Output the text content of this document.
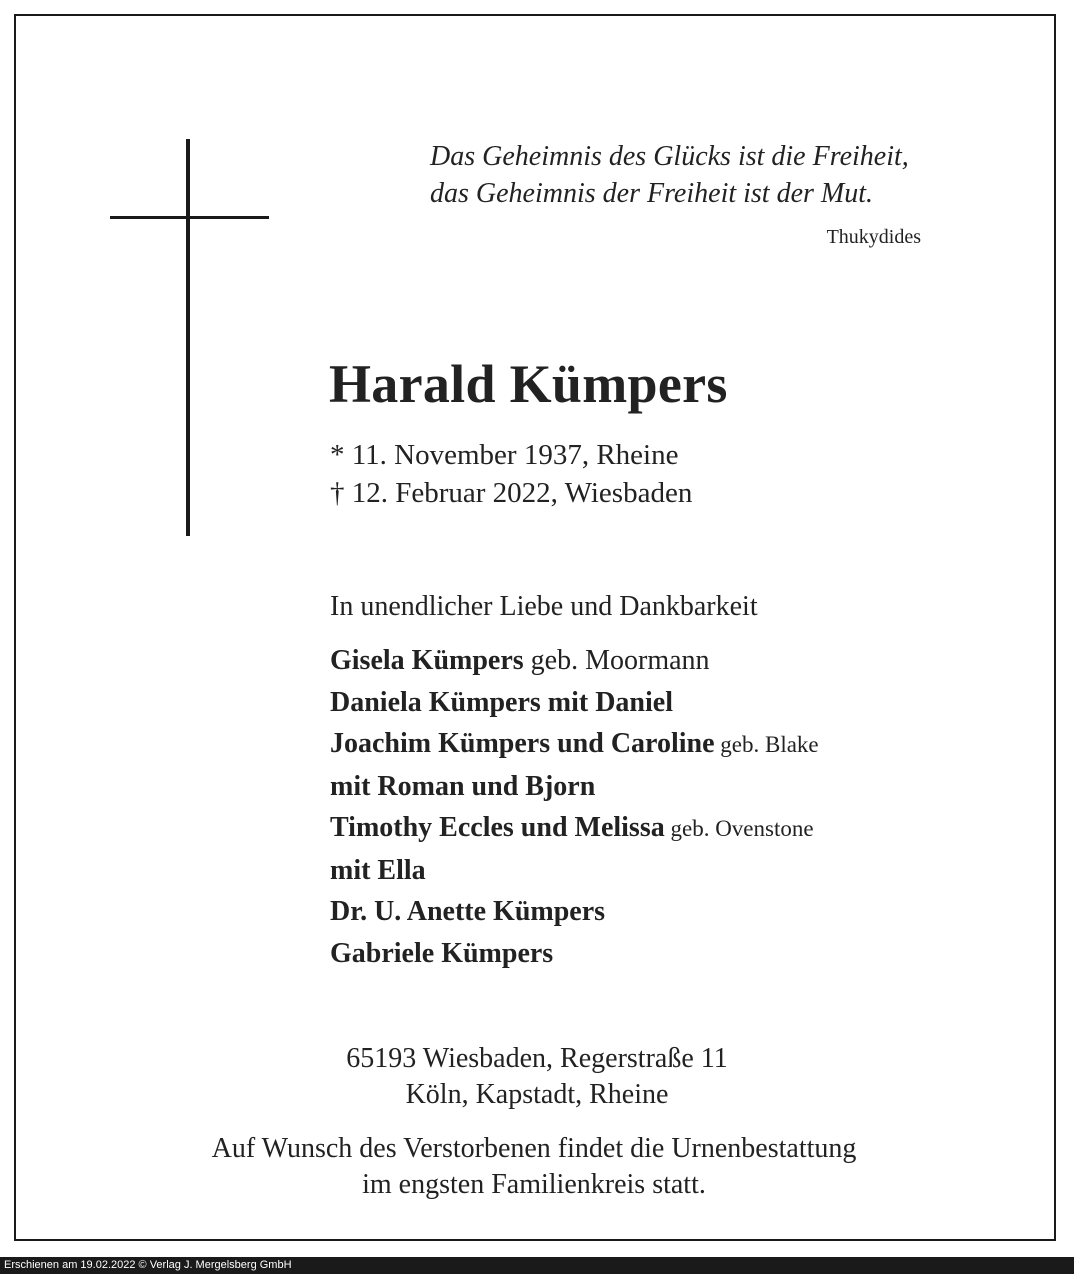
Das Geheimnis des Glücks ist die Freiheit,
das Geheimnis der Freiheit ist der Mut.
Thukydides
Harald Kümpers
* 11. November 1937, Rheine
† 12. Februar 2022, Wiesbaden
In unendlicher Liebe und Dankbarkeit
Gisela Kümpers geb. Moormann
Daniela Kümpers mit Daniel
Joachim Kümpers und Caroline geb. Blake
mit Roman und Bjorn
Timothy Eccles und Melissa geb. Ovenstone
mit Ella
Dr. U. Anette Kümpers
Gabriele Kümpers
65193 Wiesbaden, Regerstraße 11
Köln, Kapstadt, Rheine
Auf Wunsch des Verstorbenen findet die Urnenbestattung
im engsten Familienkreis statt.
Erschienen am 19.02.2022 © Verlag J. Mergelsberg GmbH
